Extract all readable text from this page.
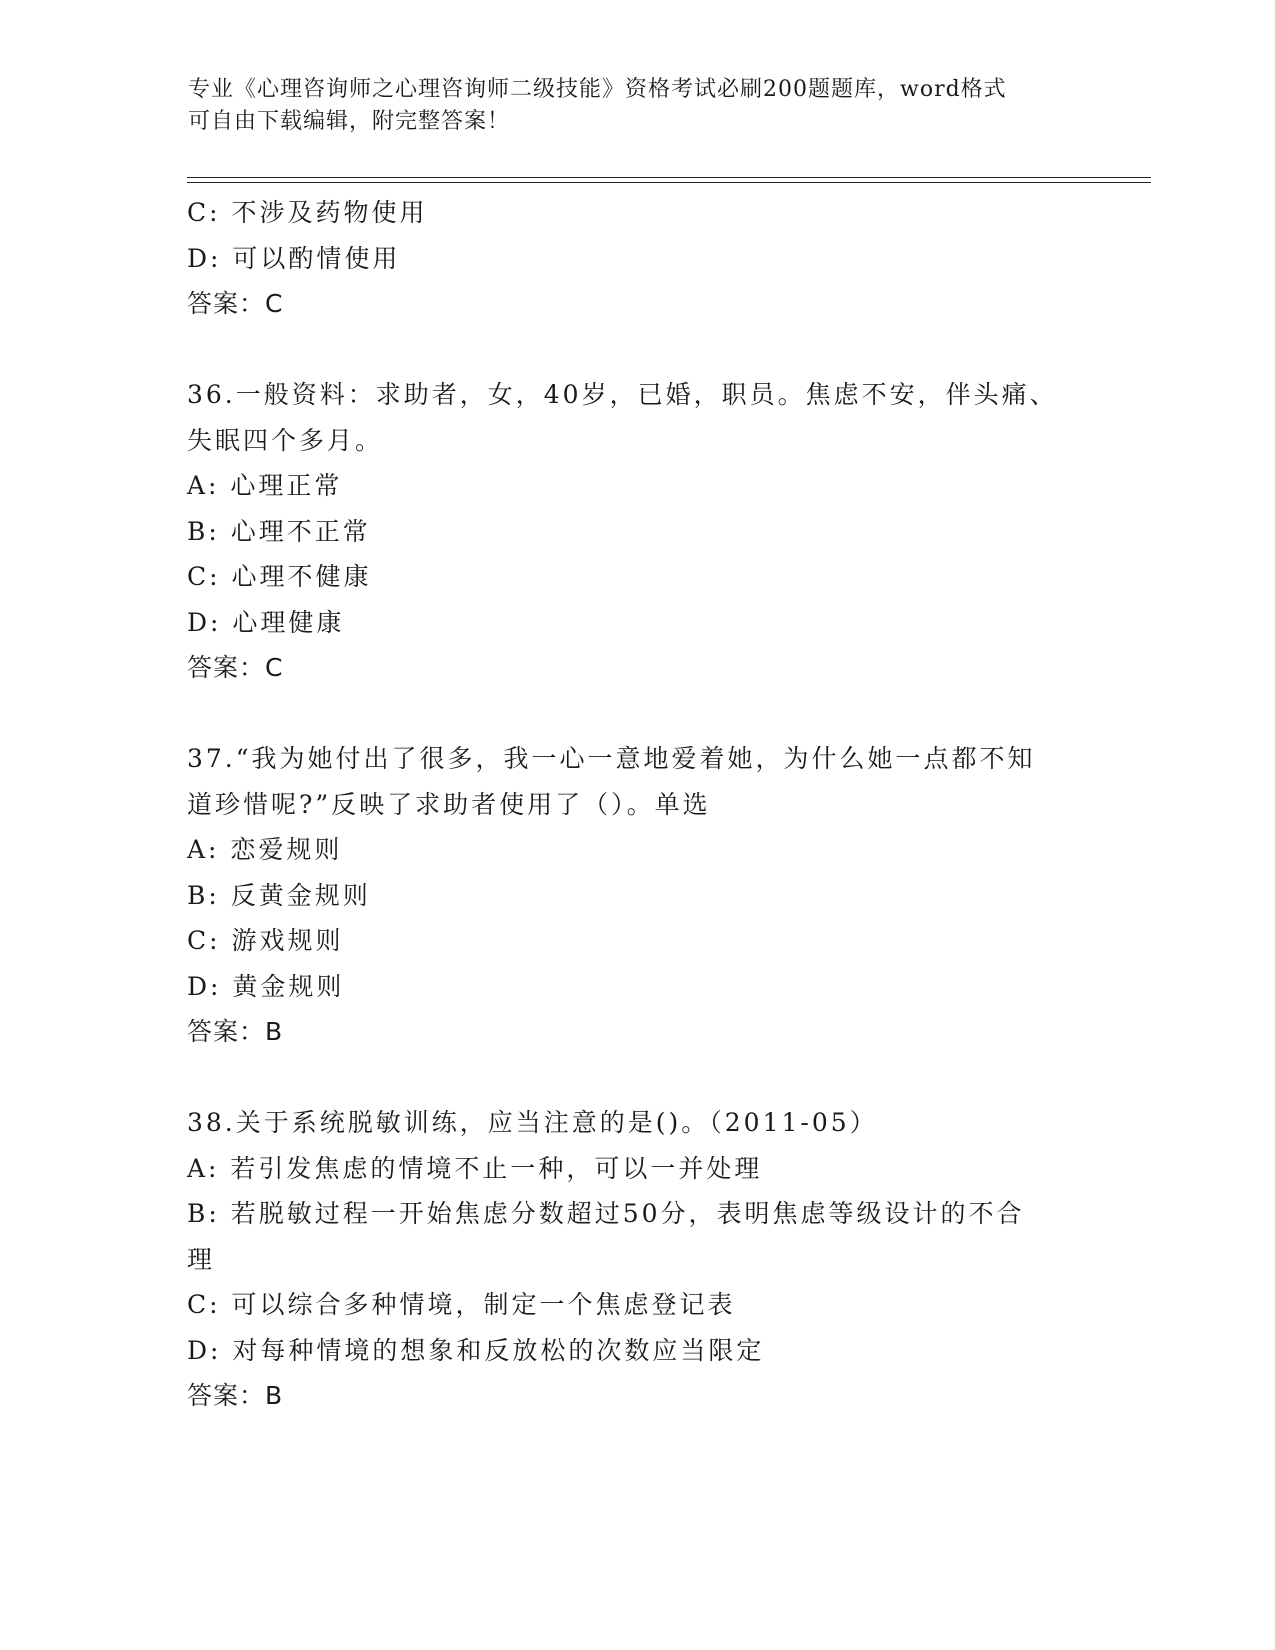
专业《心理咨询师之心理咨询师二级技能》资格考试必刷200题题库，word格式
可自由下载编辑，附完整答案！
C: 不涉及药物使用
D: 可以酌情使用
答案：C
36.一般资料：求助者，女，40岁，已婚，职员。焦虑不安，伴头痛、
失眠四个多月。
A: 心理正常
B: 心理不正常
C: 心理不健康
D: 心理健康
答案：C
37.“我为她付出了很多，我一心一意地爱着她，为什么她一点都不知
道珍惜呢?”反映了求助者使用了（）。单选
A: 恋爱规则
B: 反黄金规则
C: 游戏规则
D: 黄金规则
答案：B
38.关于系统脱敏训练，应当注意的是()。（2011-05）
A: 若引发焦虑的情境不止一种，可以一并处理
B: 若脱敏过程一开始焦虑分数超过50分，表明焦虑等级设计的不合
理
C: 可以综合多种情境，制定一个焦虑登记表
D: 对每种情境的想象和反放松的次数应当限定
答案：B
